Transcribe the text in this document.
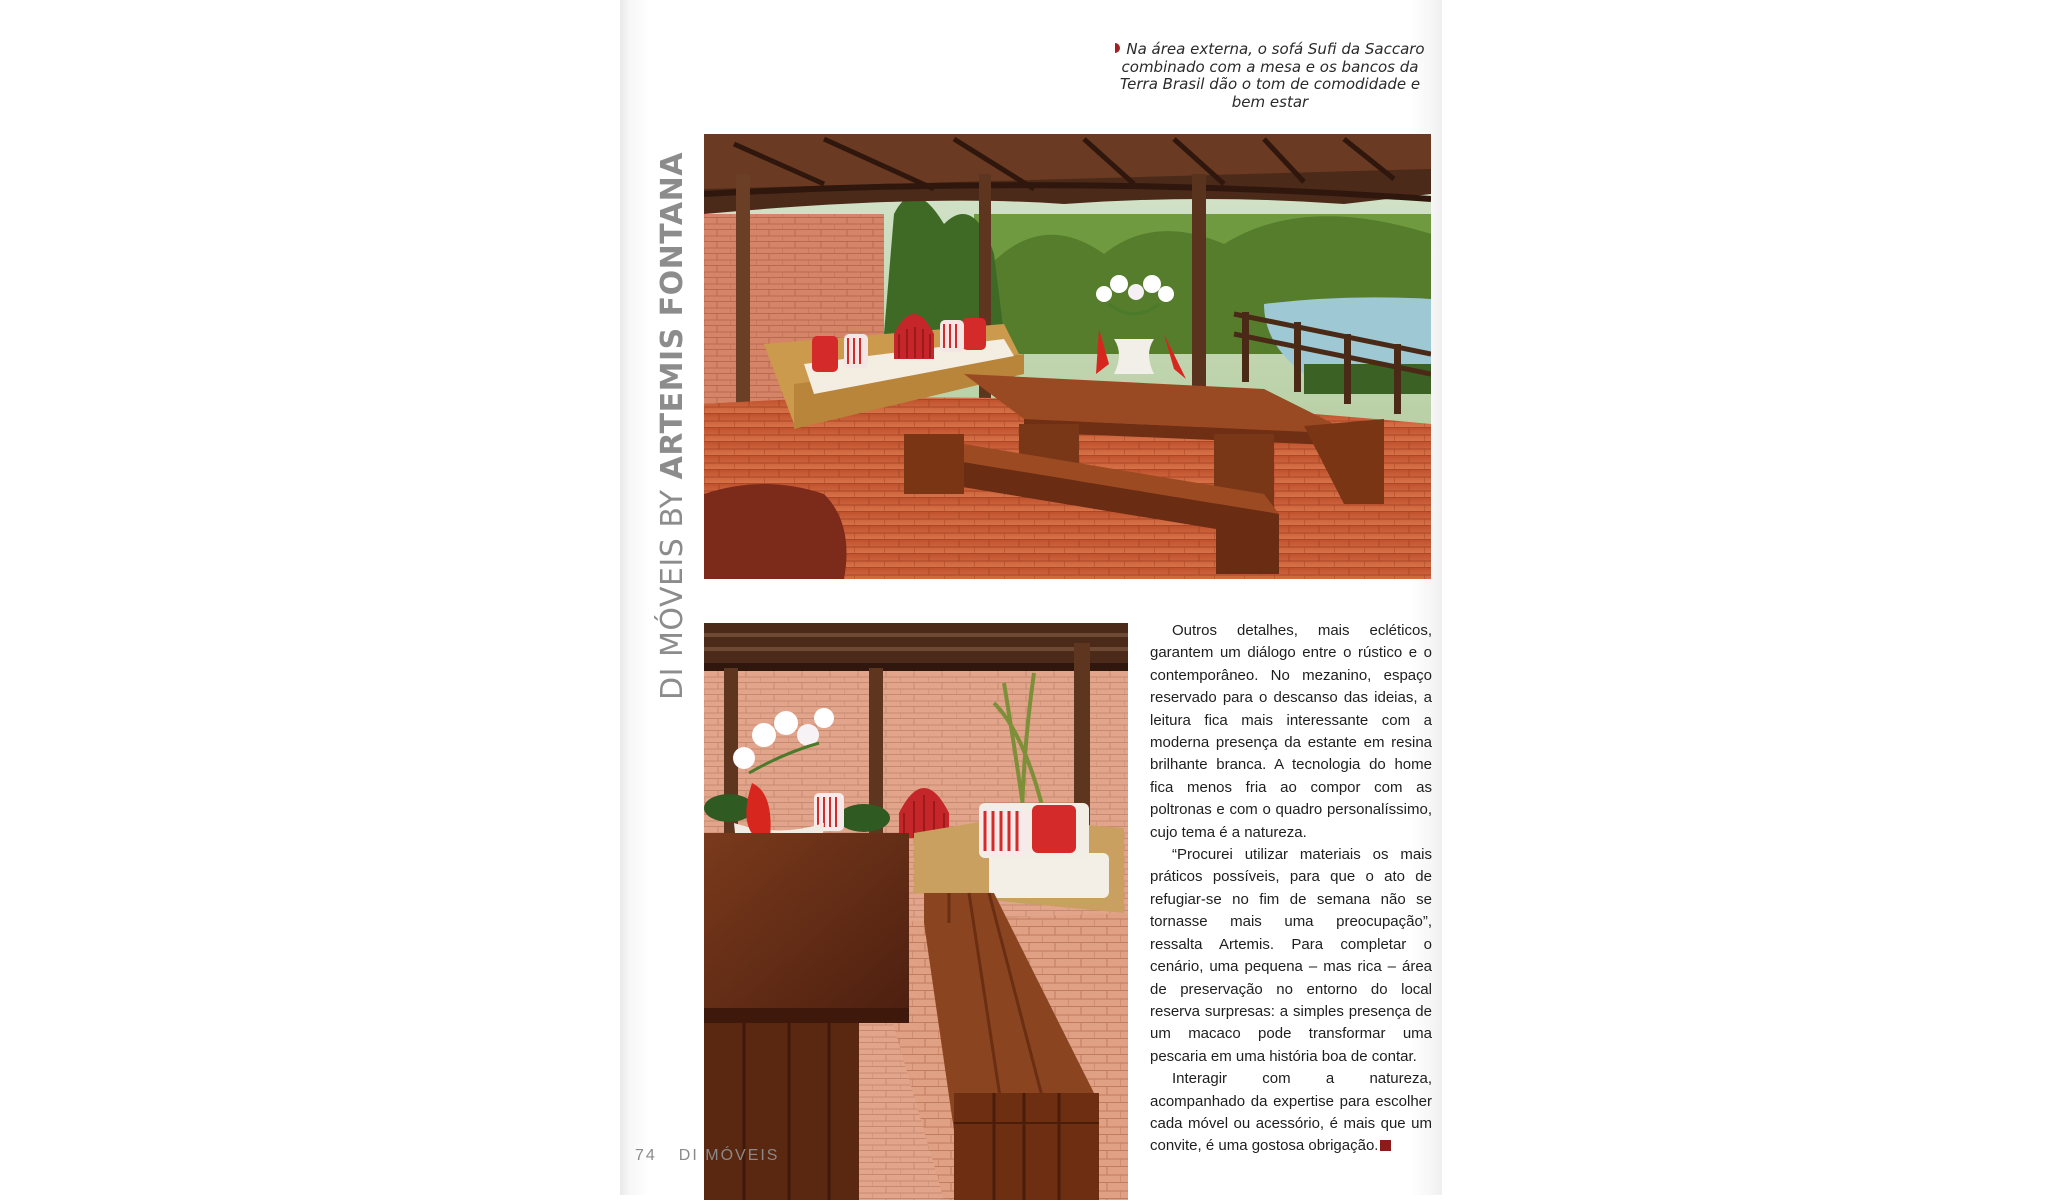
Na área externa, o sofá Sufi da Saccaro combinado com a mesa e os bancos da Terra Brasil dão o tom de comodidade e bem estar
DI MÓVEIS BY ARTEMIS FONTANA

Outros detalhes, mais ecléticos, garantem um diálogo entre o rústico e o contemporâneo. No mezanino, espaço reservado para o descanso das ideias, a leitura fica mais interessante com a moderna presença da estante em resina brilhante branca. A tecnologia do home fica menos fria ao compor com as poltronas e com o quadro personalíssimo, cujo tema é a natureza.

“Procurei utilizar materiais os mais práticos possíveis, para que o ato de refugiar-se no fim de semana não se tornasse mais uma preocupação”, ressalta Artemis. Para completar o cenário, uma pequena – mas rica – área de preservação no entorno do local reserva surpresas: a simples presença de um macaco pode transformar uma pescaria em uma história boa de contar.

Interagir com a natureza, acompanhado da expertise para escolher cada móvel ou acessório, é mais que um convite, é uma gostosa obrigação.

74 DI MÓVEIS
